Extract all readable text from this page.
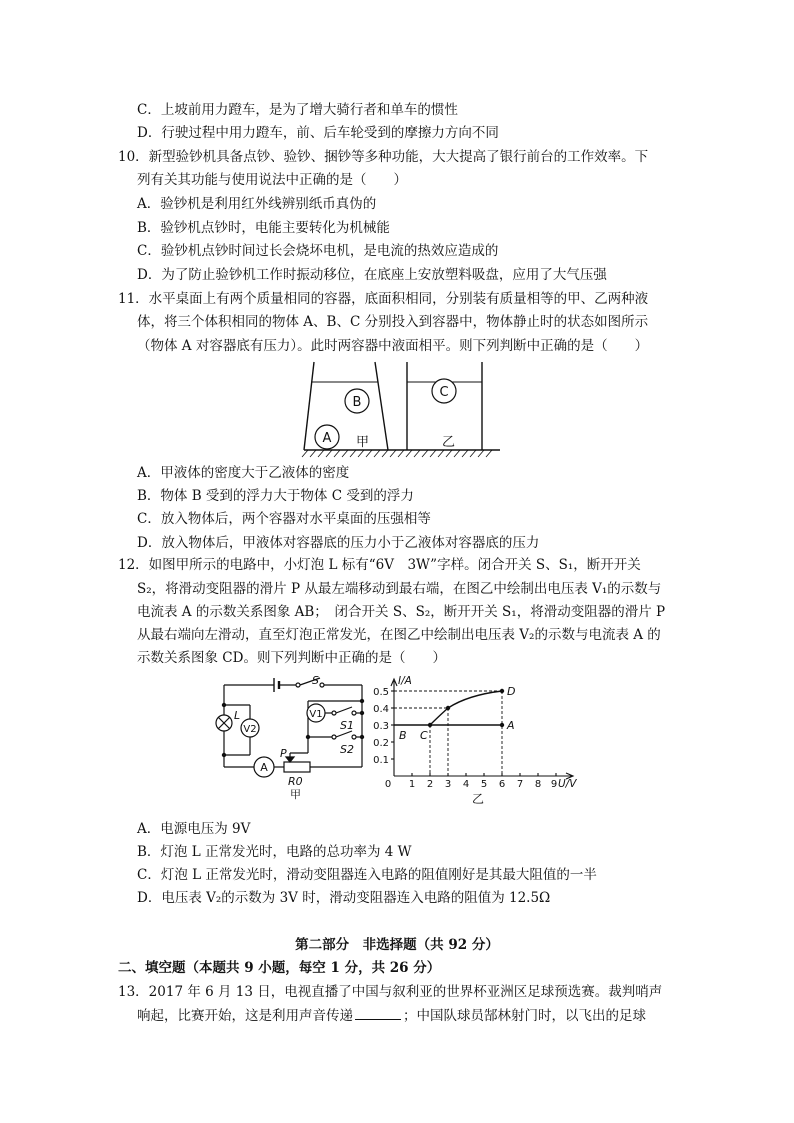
C．上坡前用力蹬车，是为了增大骑行者和单车的惯性
D．行驶过程中用力蹬车，前、后车轮受到的摩擦力方向不同
10．新型验钞机具备点钞、验钞、捆钞等多种功能，大大提高了银行前台的工作效率。下
列有关其功能与使用说法中正确的是（　　）
A．验钞机是利用红外线辨别纸币真伪的
B．验钞机点钞时，电能主要转化为机械能
C．验钞机点钞时间过长会烧坏电机，是电流的热效应造成的
D．为了防止验钞机工作时振动移位，在底座上安放塑料吸盘，应用了大气压强
11．水平桌面上有两个质量相同的容器，底面积相同，分别装有质量相等的甲、乙两种液
体，将三个体积相同的物体 A、B、C 分别投入到容器中，物体静止时的状态如图所示
（物体 A 对容器底有压力）。此时两容器中液面相平。则下列判断中正确的是（　　）
B
A 甲
C
乙
A．甲液体的密度大于乙液体的密度
B．物体 B 受到的浮力大于物体 C 受到的浮力
C．放入物体后，两个容器对水平桌面的压强相等
D．放入物体后，甲液体对容器底的压力小于乙液体对容器底的压力
12．如图甲所示的电路中，小灯泡 L 标有“6V　3W”字样。闭合开关 S、S₁，断开开关
S₂，将滑动变阻器的滑片 P 从最左端移动到最右端，在图乙中绘制出电压表 V₁的示数与
电流表 A 的示数关系图象 AB；　闭合开关 S、S₂，断开开关 S₁，将滑动变阻器的滑片 P
从最右端向左滑动，直至灯泡正常发光，在图乙中绘制出电压表 V₂的示数与电流表 A 的
示数关系图象 CD。则下列判断中正确的是（　　）
L
V2
V1
S
S1
S2
A
P
R0
甲
I/A
U/V
0.5
0.4
0.3
0.2
0.1
0 1 2 3 4 5 6 7 8 9
B C
D
A
乙
A．电源电压为 9V
B．灯泡 L 正常发光时，电路的总功率为 4 W
C．灯泡 L 正常发光时，滑动变阻器连入电路的阻值刚好是其最大阻值的一半
D．电压表 V₂的示数为 3V 时，滑动变阻器连入电路的阻值为 12.5Ω
第二部分　非选择题（共 92 分）
二、填空题（本题共 9 小题，每空 1 分，共 26 分）
13．2017 年 6 月 13 日，电视直播了中国与叙利亚的世界杯亚洲区足球预选赛。裁判哨声
响起，比赛开始，这是利用声音传递	；中国队球员郜林射门时，以飞出的足球
